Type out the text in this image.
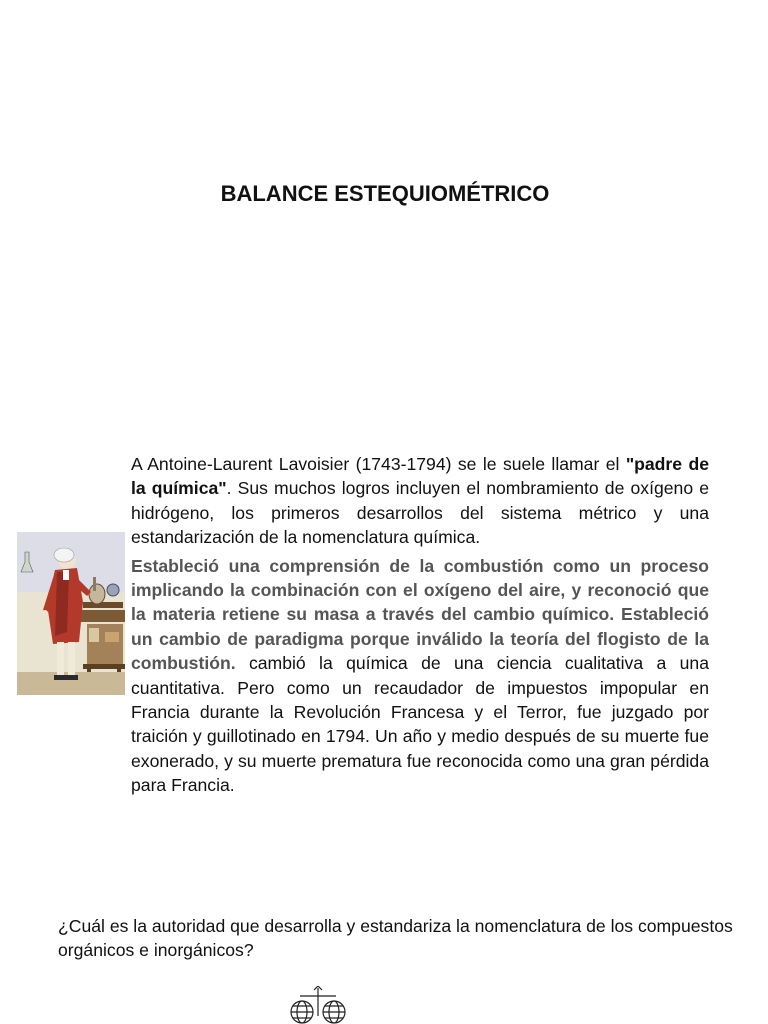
BALANCE ESTEQUIOMÉTRICO

A Antoine-Laurent Lavoisier (1743-1794) se le suele llamar el "padre de la química". Sus muchos logros incluyen el nombramiento de oxígeno e hidrógeno, los primeros desarrollos del sistema métrico y una estandarización de la nomenclatura química.

Estableció una comprensión de la combustión como un proceso implicando la combinación con el oxígeno del aire, y reconoció que la materia retiene su masa a través del cambio químico. Estableció un cambio de paradigma porque inválido la teoría del flogisto de la combustión. cambió la química de una ciencia cualitativa a una cuantitativa. Pero como un recaudador de impuestos impopular en Francia durante la Revolución Francesa y el Terror, fue juzgado por traición y guillotinado en 1794. Un año y medio después de su muerte fue exonerado, y su muerte prematura fue reconocida como una gran pérdida para Francia.

¿Cuál es la autoridad que desarrolla y estandariza la nomenclatura de los compuestos orgánicos e inorgánicos?
